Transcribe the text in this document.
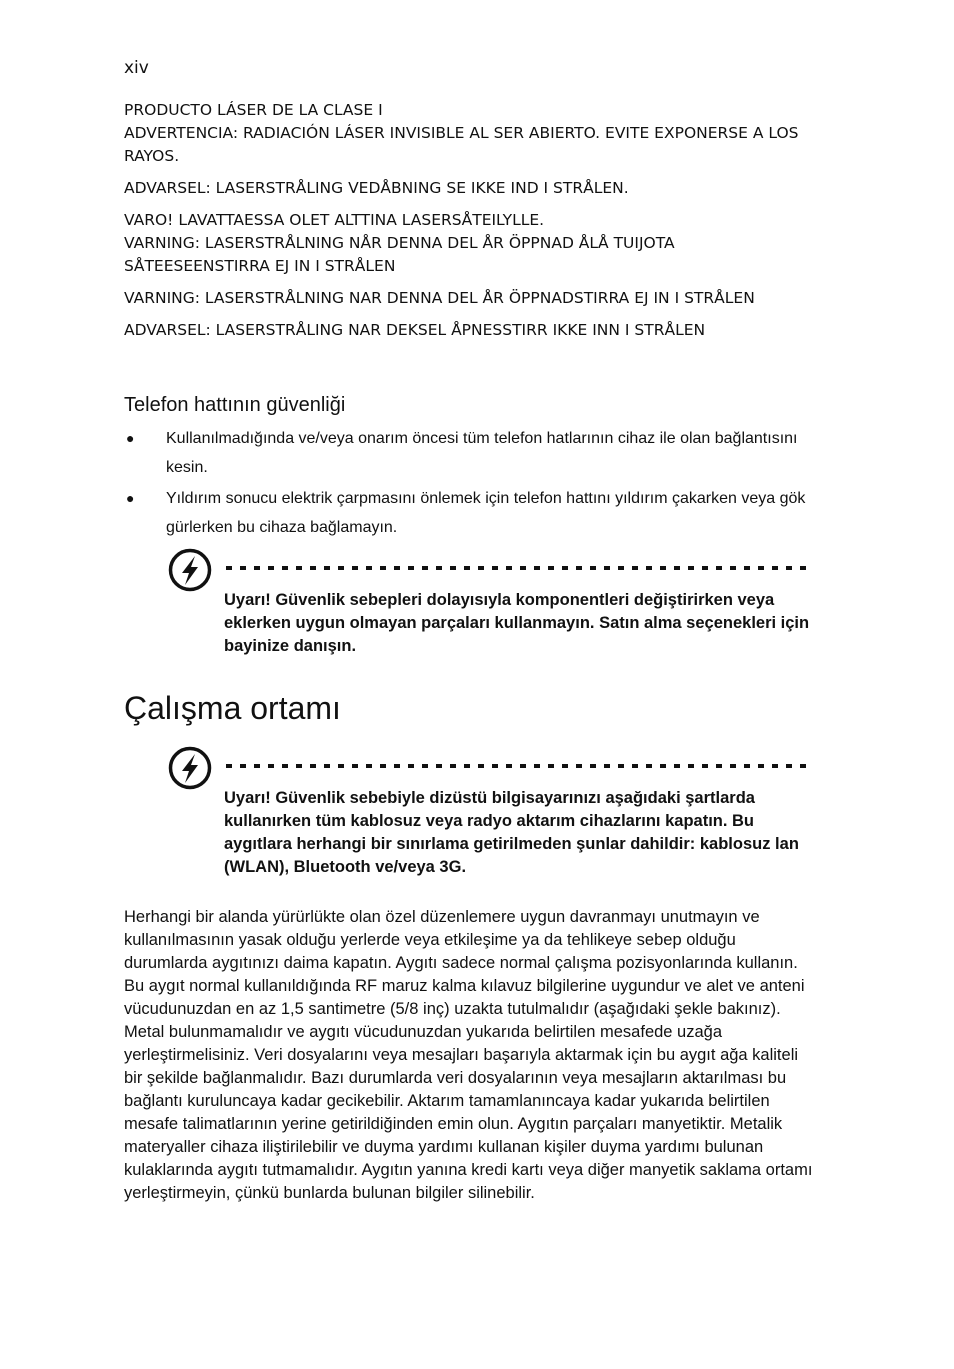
xiv

PRODUCTO LÁSER DE LA CLASE I
ADVERTENCIA: RADIACIÓN LÁSER INVISIBLE AL SER ABIERTO. EVITE EXPONERSE A LOS RAYOS.

ADVARSEL: LASERSTRÅLING VEDÅBNING SE IKKE IND I STRÅLEN.

VARO! LAVATTAESSA OLET ALTTINA LASERSÅTEILYLLE.
VARNING: LASERSTRÅLNING NÅR DENNA DEL ÅR ÖPPNAD ÅLÅ TUIJOTA SÅTEESEENSTIRRA EJ IN I STRÅLEN

VARNING: LASERSTRÅLNING NAR DENNA DEL ÅR ÖPPNADSTIRRA EJ IN I STRÅLEN

ADVARSEL: LASERSTRÅLING NAR DEKSEL ÅPNESSTIRR IKKE INN I STRÅLEN

Telefon hattının güvenliği
● Kullanılmadığında ve/veya onarım öncesi tüm telefon hatlarının cihaz ile olan bağlantısını kesin.
● Yıldırım sonucu elektrik çarpmasını önlemek için telefon hattını yıldırım çakarken veya gök gürlerken bu cihaza bağlamayın.
Uyarı! Güvenlik sebepleri dolayısıyla komponentleri değiştirirken veya eklerken uygun olmayan parçaları kullanmayın. Satın alma seçenekleri için bayinize danışın.
Çalışma ortamı
Uyarı! Güvenlik sebebiyle dizüstü bilgisayarınızı aşağıdaki şartlarda kullanırken tüm kablosuz veya radyo aktarım cihazlarını kapatın. Bu aygıtlara herhangi bir sınırlama getirilmeden şunlar dahildir: kablosuz lan (WLAN), Bluetooth ve/veya 3G.

Herhangi bir alanda yürürlükte olan özel düzenlemere uygun davranmayı unutmayın ve kullanılmasının yasak olduğu yerlerde veya etkileşime ya da tehlikeye sebep olduğu durumlarda aygıtınızı daima kapatın. Aygıtı sadece normal çalışma pozisyonlarında kullanın. Bu aygıt normal kullanıldığında RF maruz kalma kılavuz bilgilerine uygundur ve alet ve anteni vücudunuzdan en az 1,5 santimetre (5/8 inç) uzakta tutulmalıdır (aşağıdaki şekle bakınız). Metal bulunmamalıdır ve aygıtı vücudunuzdan yukarıda belirtilen mesafede uzağa yerleştirmelisiniz. Veri dosyalarını veya mesajları başarıyla aktarmak için bu aygıt ağa kaliteli bir şekilde bağlanmalıdır. Bazı durumlarda veri dosyalarının veya mesajların aktarılması bu bağlantı kuruluncaya kadar gecikebilir. Aktarım tamamlanıncaya kadar yukarıda belirtilen mesafe talimatlarının yerine getirildiğinden emin olun. Aygıtın parçaları manyetiktir. Metalik materyaller cihaza iliştirilebilir ve duyma yardımı kullanan kişiler duyma yardımı bulunan kulaklarında aygıtı tutmamalıdır. Aygıtın yanına kredi kartı veya diğer manyetik saklama ortamı yerleştirmeyin, çünkü bunlarda bulunan bilgiler silinebilir.
